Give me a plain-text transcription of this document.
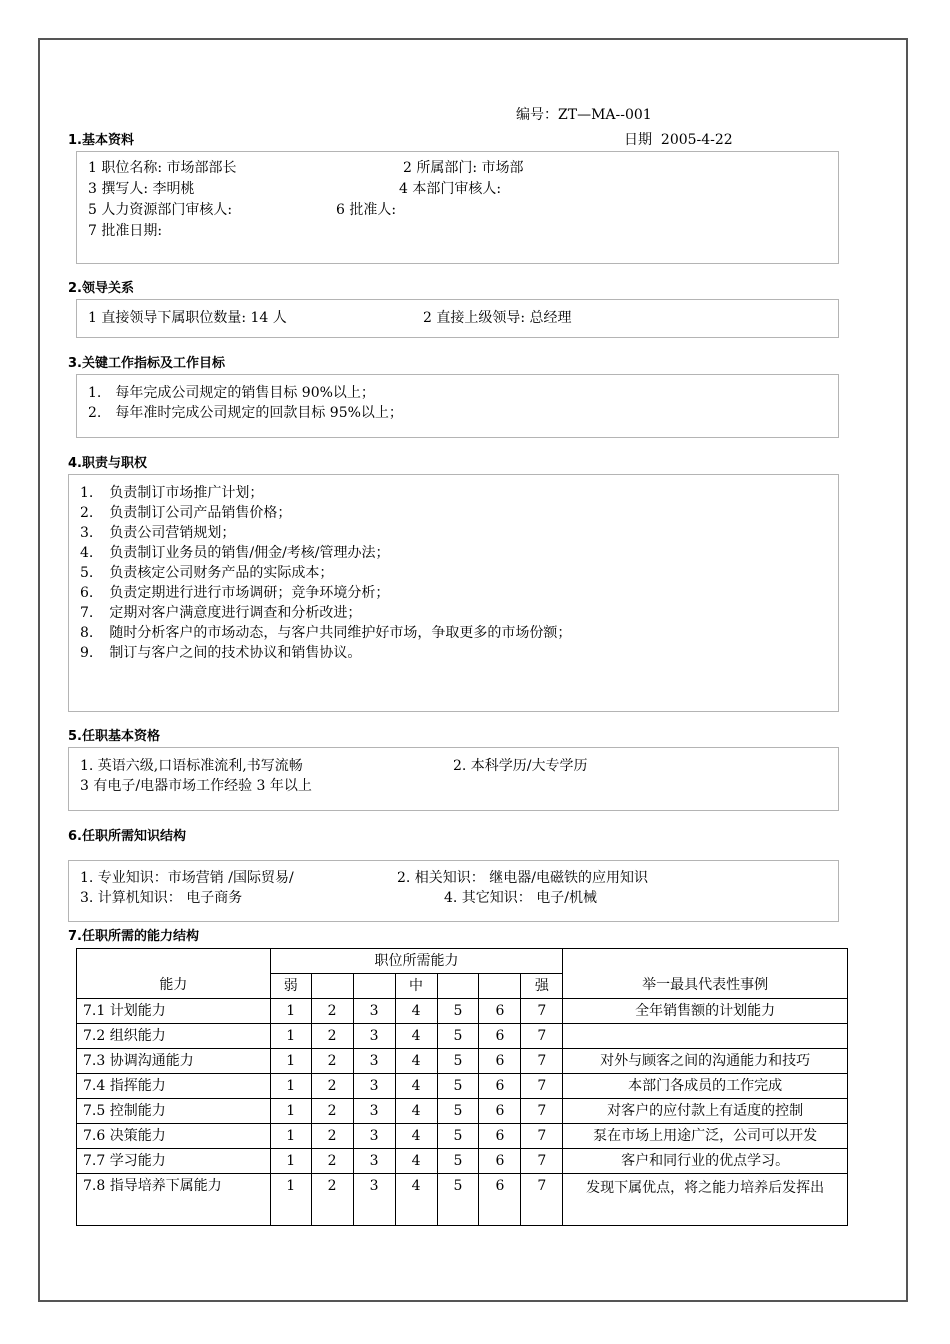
编号：ZT—MA--001
日期 2005-4-22
1.基本资料
1 职位名称: 市场部部长	2 所属部门: 市场部
3 撰写人: 李明桃	4 本部门审核人:
5 人力资源部门审核人:	6 批准人:
7 批准日期:
2.领导关系
1 直接领导下属职位数量: 14 人	2 直接上级领导: 总经理
3.关键工作指标及工作目标
1. 每年完成公司规定的销售目标 90%以上；
2. 每年准时完成公司规定的回款目标 95%以上；
4.职责与职权
1. 负责制订市场推广计划；
2. 负责制订公司产品销售价格；
3. 负责公司营销规划；
4. 负责制订业务员的销售/佣金/考核/管理办法；
5. 负责核定公司财务产品的实际成本；
6. 负责定期进行进行市场调研；竞争环境分析；
7. 定期对客户满意度进行调查和分析改进；
8. 随时分析客户的市场动态，与客户共同维护好市场，争取更多的市场份额；
9. 制订与客户之间的技术协议和销售协议。
5.任职基本资格
1. 英语六级,口语标准流利,书写流畅	2. 本科学历/大专学历
3 有电子/电器市场工作经验 3 年以上
6.任职所需知识结构
1. 专业知识：市场营销 /国际贸易/	2. 相关知识： 继电器/电磁铁的应用知识
3. 计算机知识： 电子商务	4. 其它知识： 电子/机械
7.任职所需的能力结构
能力	职位所需能力							举一最具代表性事例
	弱			中			强	
7.1 计划能力	1	2	3	4	5	6	7	全年销售额的计划能力
7.2 组织能力	1	2	3	4	5	6	7	
7.3 协调沟通能力	1	2	3	4	5	6	7	对外与顾客之间的沟通能力和技巧
7.4 指挥能力	1	2	3	4	5	6	7	本部门各成员的工作完成
7.5 控制能力	1	2	3	4	5	6	7	对客户的应付款上有适度的控制
7.6 决策能力	1	2	3	4	5	6	7	泵在市场上用途广泛，公司可以开发
7.7 学习能力	1	2	3	4	5	6	7	客户和同行业的优点学习。
7.8 指导培养下属能力	1	2	3	4	5	6	7	发现下属优点，将之能力培养后发挥出
